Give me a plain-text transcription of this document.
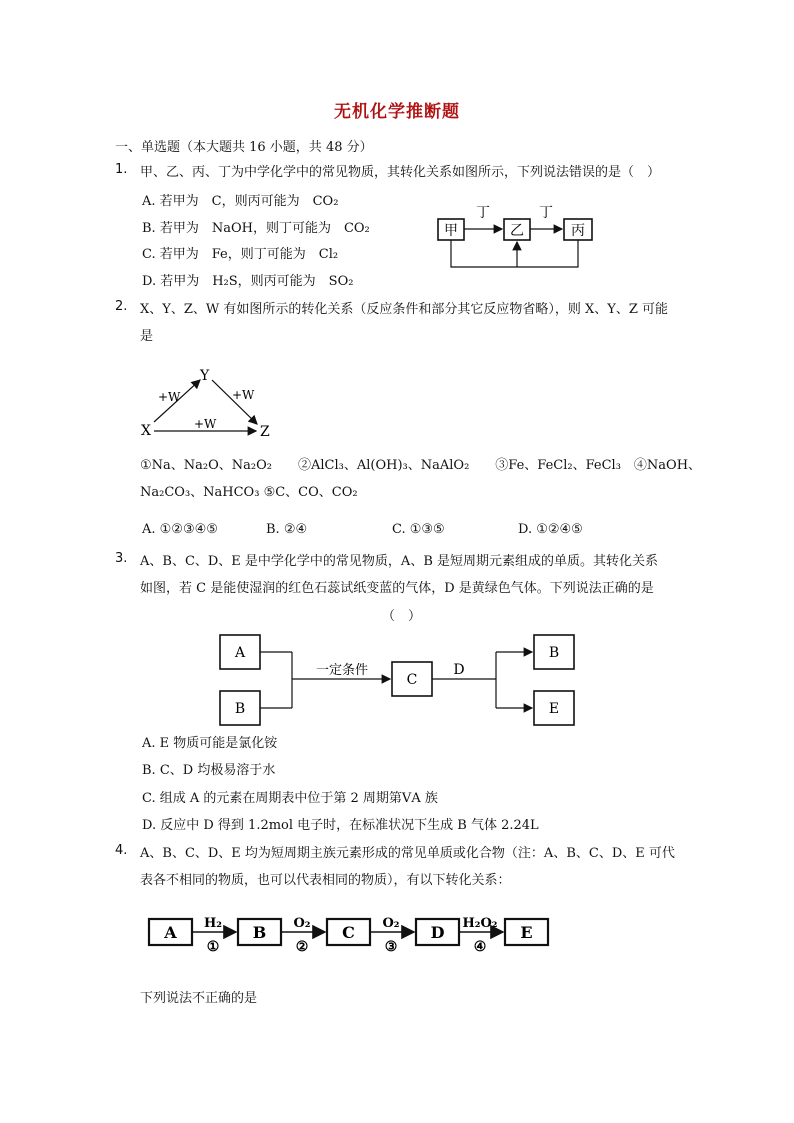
无机化学推断题
一、单选题（本大题共 16 小题，共 48 分）
1. 甲、乙、丙、丁为中学化学中的常见物质，其转化关系如图所示，下列说法错误的是（　）
A. 若甲为　C，则丙可能为　CO₂
B. 若甲为　NaOH，则丁可能为　CO₂
C. 若甲为　Fe，则丁可能为　Cl₂
D. 若甲为　H₂S，则丙可能为　SO₂
甲	乙	丙
丁	丁
2. X、Y、Z、W 有如图所示的转化关系（反应条件和部分其它反应物省略），则 X、Y、Z 可能
是
X
Y
Z
+W	+W
+W
①Na、Na₂O、Na₂O₂　　②AlCl₃、Al(OH)₃、NaAlO₂　　③Fe、FeCl₂、FeCl₃　④NaOH、
Na₂CO₃、NaHCO₃ ⑤C、CO、CO₂
A. ①②③④⑤	B. ②④	C. ①③⑤	D. ①②④⑤
3. A、B、C、D、E 是中学化学中的常见物质，A、B 是短周期元素组成的单质。其转化关系
如图，若 C 是能使湿润的红色石蕊试纸变蓝的气体，D 是黄绿色气体。下列说法正确的是
（　）
A
B
一定条件
C
D
B
E
A. E 物质可能是氯化铵
B. C、D 均极易溶于水
C. 组成 A 的元素在周期表中位于第 2 周期第ⅤA 族
D. 反应中 D 得到 1.2mol 电子时，在标准状况下生成 B 气体 2.24L
4. A、B、C、D、E 均为短周期主族元素形成的常见单质或化合物（注：A、B、C、D、E 可代
表各不相同的物质，也可以代表相同的物质），有以下转化关系：
A	B	C	D	E
H₂
①
O₂
②
O₂
③
H₂O₂
④
下列说法不正确的是
